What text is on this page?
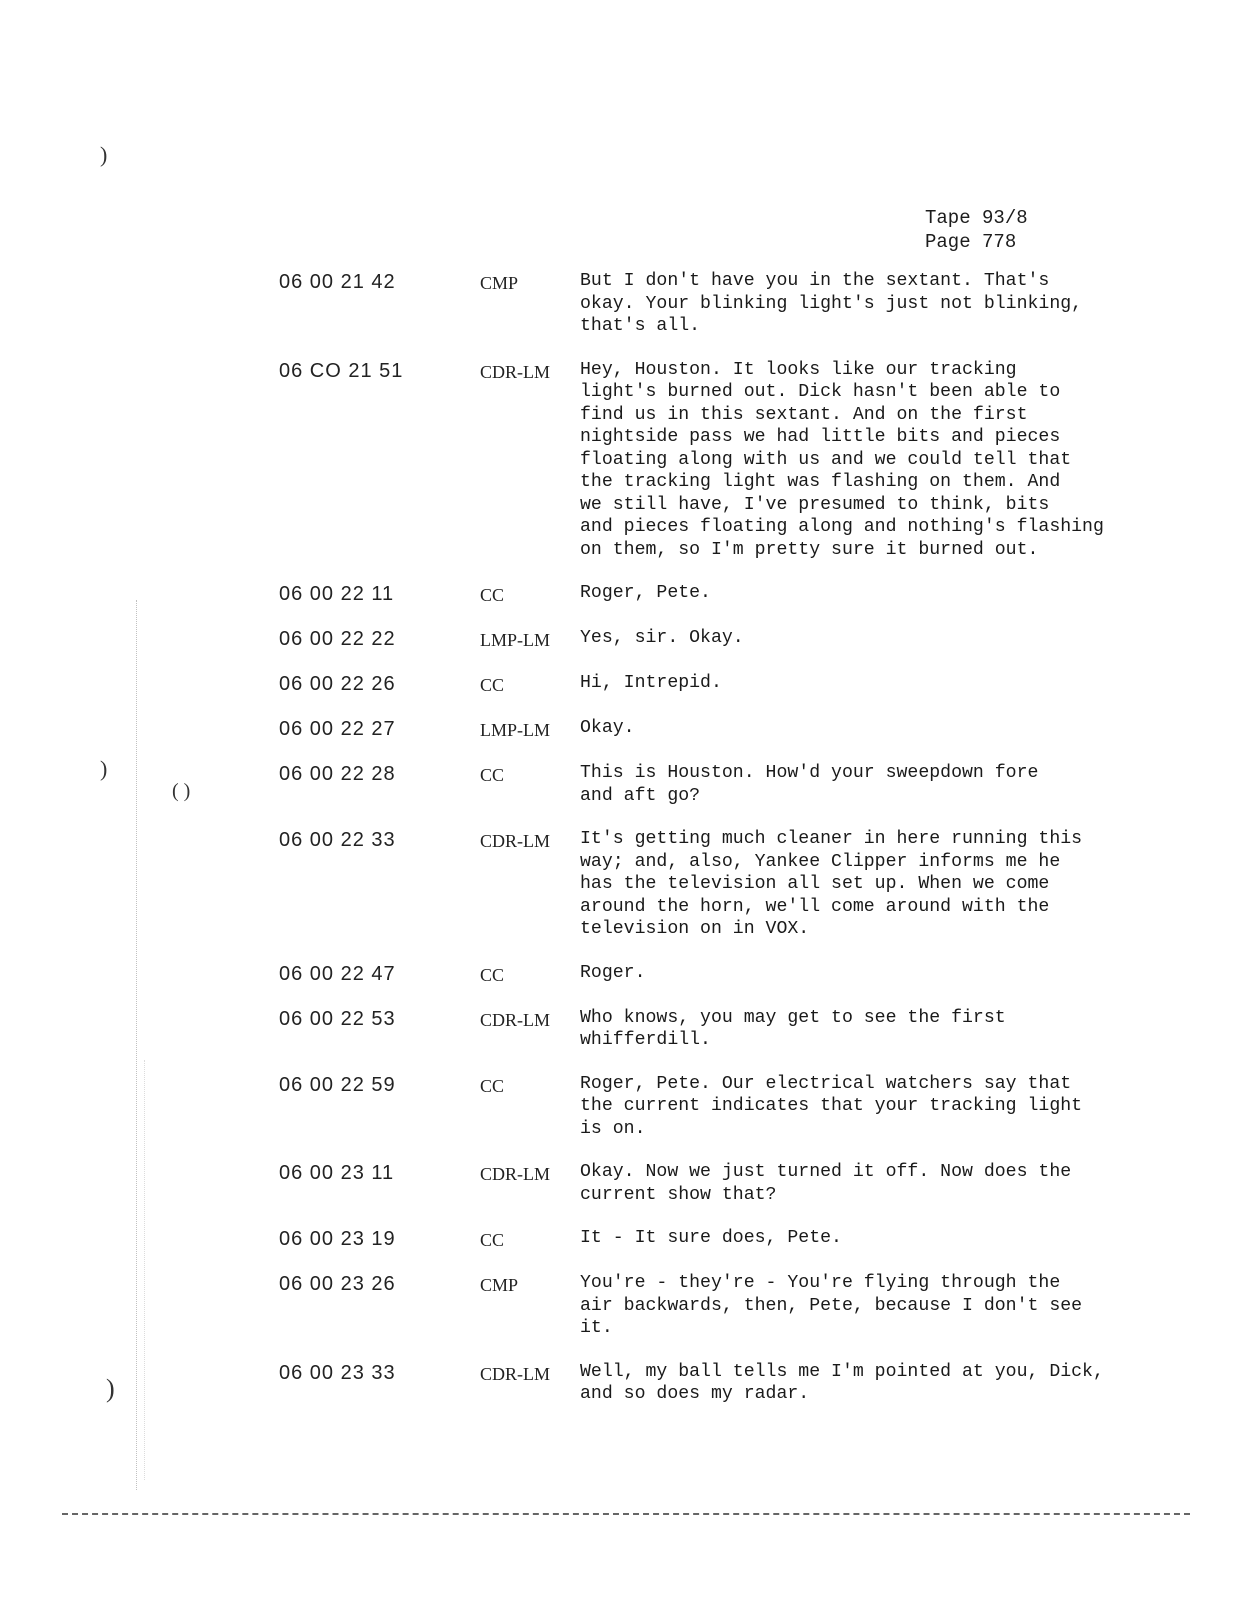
)
)
( )
)
Tape 93/8
Page 778
06 00 21 42	CMP	But I don't have you in the sextant. That's
okay. Your blinking light's just not blinking,
that's all.
06 CO 21 51	CDR-LM Hey, Houston. It looks like our tracking
light's burned out. Dick hasn't been able to
find us in this sextant. And on the first
nightside pass we had little bits and pieces
floating along with us and we could tell that
the tracking light was flashing on them. And
we still have, I've presumed to think, bits
and pieces floating along and nothing's flashing
on them, so I'm pretty sure it burned out.
06 00 22 11	CC	Roger, Pete.
06 00 22 22	LMP-LM Yes, sir. Okay.
06 00 22 26	CC	Hi, Intrepid.
06 00 22 27	LMP-LM Okay.
06 00 22 28	CC	This is Houston. How'd your sweepdown fore
and aft go?
06 00 22 33	CDR-LM It's getting much cleaner in here running this
way; and, also, Yankee Clipper informs me he
has the television all set up. When we come
around the horn, we'll come around with the
television on in VOX.
06 00 22 47	CC	Roger.
06 00 22 53	CDR-LM Who knows, you may get to see the first
whifferdill.
06 00 22 59	CC	Roger, Pete. Our electrical watchers say that
the current indicates that your tracking light
is on.
06 00 23 11	CDR-LM Okay. Now we just turned it off. Now does the
current show that?
06 00 23 19	CC	It - It sure does, Pete.
06 00 23 26	CMP	You're - they're - You're flying through the
air backwards, then, Pete, because I don't see
it.
06 00 23 33	CDR-LM Well, my ball tells me I'm pointed at you, Dick,
and so does my radar.
